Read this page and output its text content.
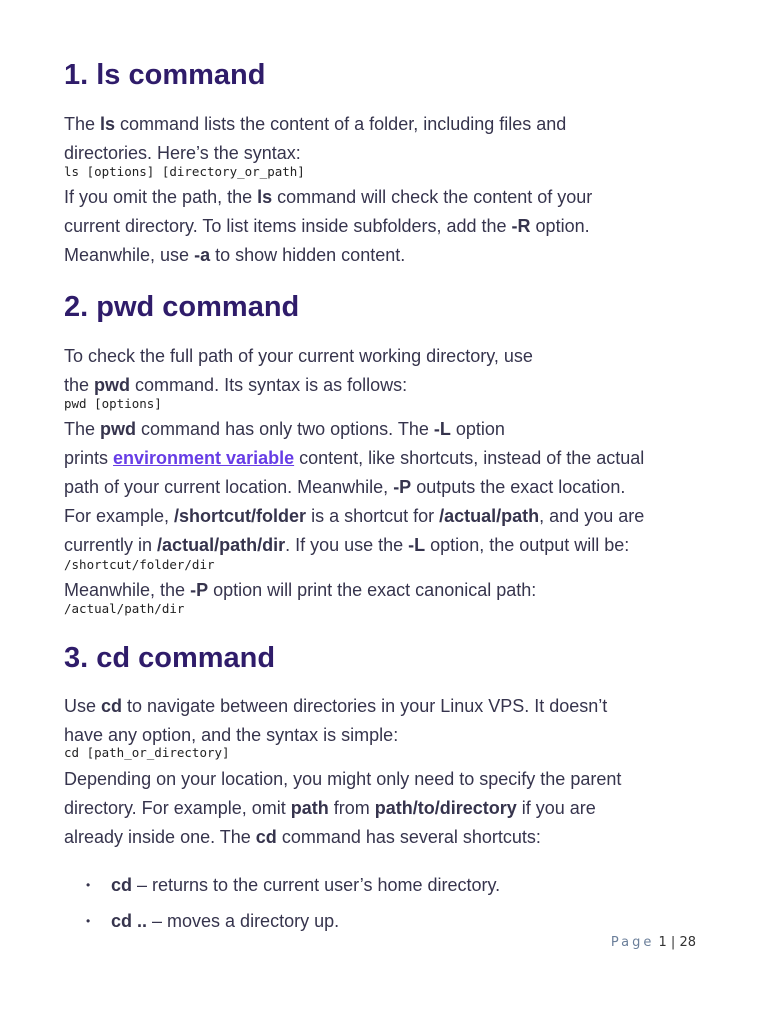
1. ls command

The ls command lists the content of a folder, including files and
directories. Here’s the syntax:

ls [options] [directory_or_path]

If you omit the path, the ls command will check the content of your
current directory. To list items inside subfolders, add the -R option.
Meanwhile, use -a to show hidden content.

2. pwd command

To check the full path of your current working directory, use
the pwd command. Its syntax is as follows:

pwd [options]

The pwd command has only two options. The -L option
prints environment variable content, like shortcuts, instead of the actual
path of your current location. Meanwhile, -P outputs the exact location.
For example, /shortcut/folder is a shortcut for /actual/path, and you are
currently in /actual/path/dir. If you use the -L option, the output will be:

/shortcut/folder/dir

Meanwhile, the -P option will print the exact canonical path:

/actual/path/dir
3. cd command

Use cd to navigate between directories in your Linux VPS. It doesn’t
have any option, and the syntax is simple:

cd [path_or_directory]

Depending on your location, you might only need to specify the parent
directory. For example, omit path from path/to/directory if you are
already inside one. The cd command has several shortcuts:

• cd – returns to the current user’s home directory.
• cd .. – moves a directory up.
Page 1 | 28
